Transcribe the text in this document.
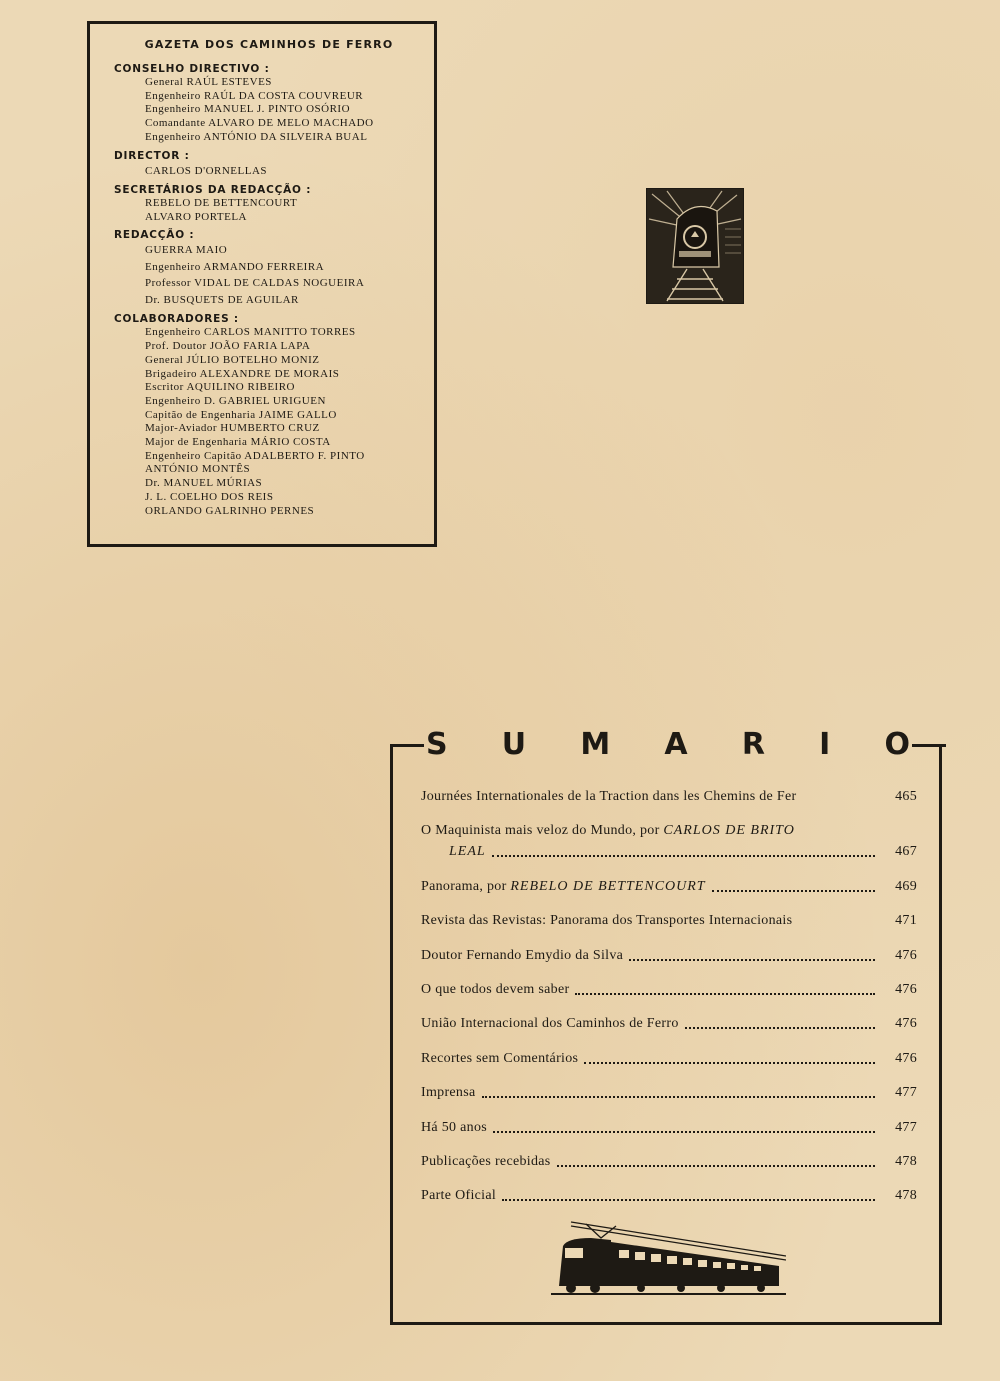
GAZETA DOS CAMINHOS DE FERRO

CONSELHO DIRECTIVO :

General RAÚL ESTEVES
Engenheiro RAÚL DA COSTA COUVREUR
Engenheiro MANUEL J. PINTO OSÓRIO
Comandante ALVARO DE MELO MACHADO
Engenheiro ANTÓNIO DA SILVEIRA BUAL

DIRECTOR :

CARLOS D'ORNELLAS

SECRETÁRIOS DA REDACÇÃO :

REBELO DE BETTENCOURT
ALVARO PORTELA

REDACÇÃO :

GUERRA MAIO
Engenheiro ARMANDO FERREIRA
Professor VIDAL DE CALDAS NOGUEIRA
Dr. BUSQUETS DE AGUILAR

COLABORADORES :

Engenheiro CARLOS MANITTO TORRES
Prof. Doutor JOÃO FARIA LAPA
General JÚLIO BOTELHO MONIZ
Brigadeiro ALEXANDRE DE MORAIS
Escritor AQUILINO RIBEIRO
Engenheiro D. GABRIEL URIGUEN
Capitão de Engenharia JAIME GALLO
Major-Aviador HUMBERTO CRUZ
Major de Engenharia MÁRIO COSTA
Engenheiro Capitão ADALBERTO F. PINTO
ANTÓNIO MONTÊS
Dr. MANUEL MÚRIAS
J. L. COELHO DOS REIS
ORLANDO GALRINHO PERNES
S U M A R I O
Journées Internationales de la Traction dans les Chemins de Fer	465
O Maquinista mais veloz do Mundo, por CARLOS DE BRITO
LEAL	467
Panorama, por REBELO DE BETTENCOURT	469
Revista das Revistas: Panorama dos Transportes Internacionais	471
Doutor Fernando Emydio da Silva	476
O que todos devem saber	476
União Internacional dos Caminhos de Ferro	476
Recortes sem Comentários	476
Imprensa	477
Há 50 anos	477
Publicações recebidas	478
Parte Oficial	478
